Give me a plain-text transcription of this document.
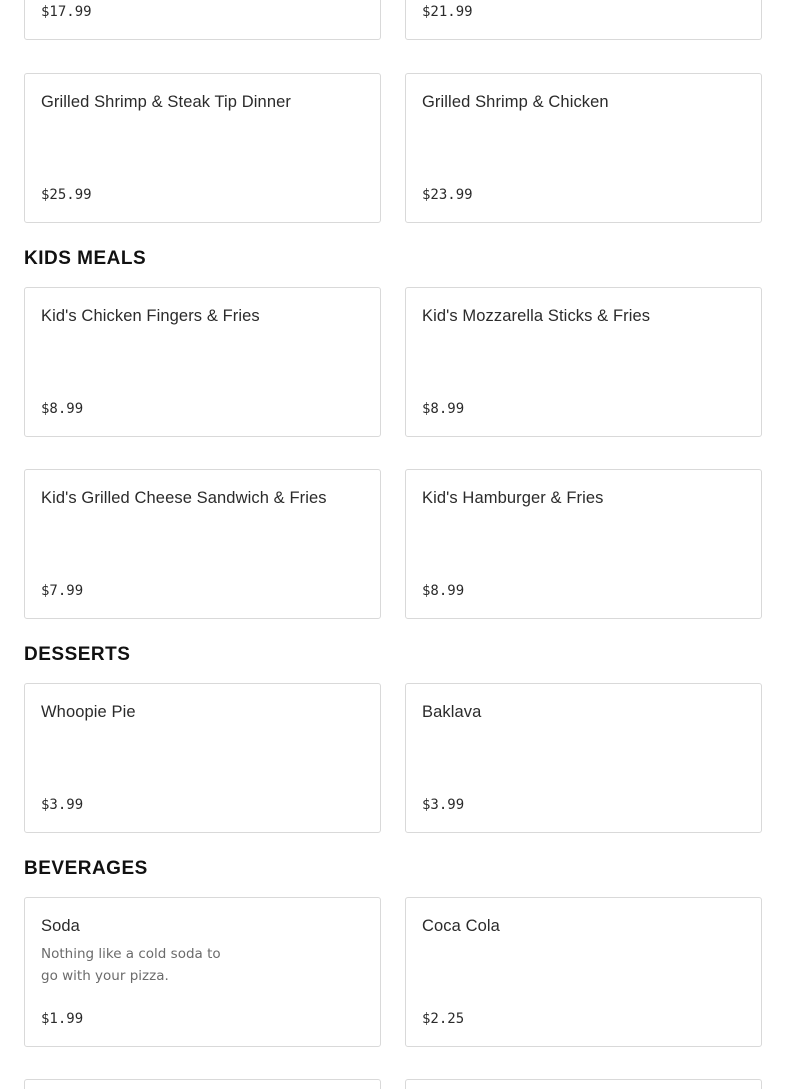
$17.99	$21.99
Grilled Shrimp & Steak Tip Dinner
$25.99
Grilled Shrimp & Chicken
$23.99
KIDS MEALS
Kid's Chicken Fingers & Fries
$8.99
Kid's Mozzarella Sticks & Fries
$8.99
Kid's Grilled Cheese Sandwich & Fries
$7.99
Kid's Hamburger & Fries
$8.99
DESSERTS
Whoopie Pie
$3.99
Baklava
$3.99
BEVERAGES
Soda

Nothing like a cold soda to go with your pizza.

$1.99
Coca Cola
$2.25
